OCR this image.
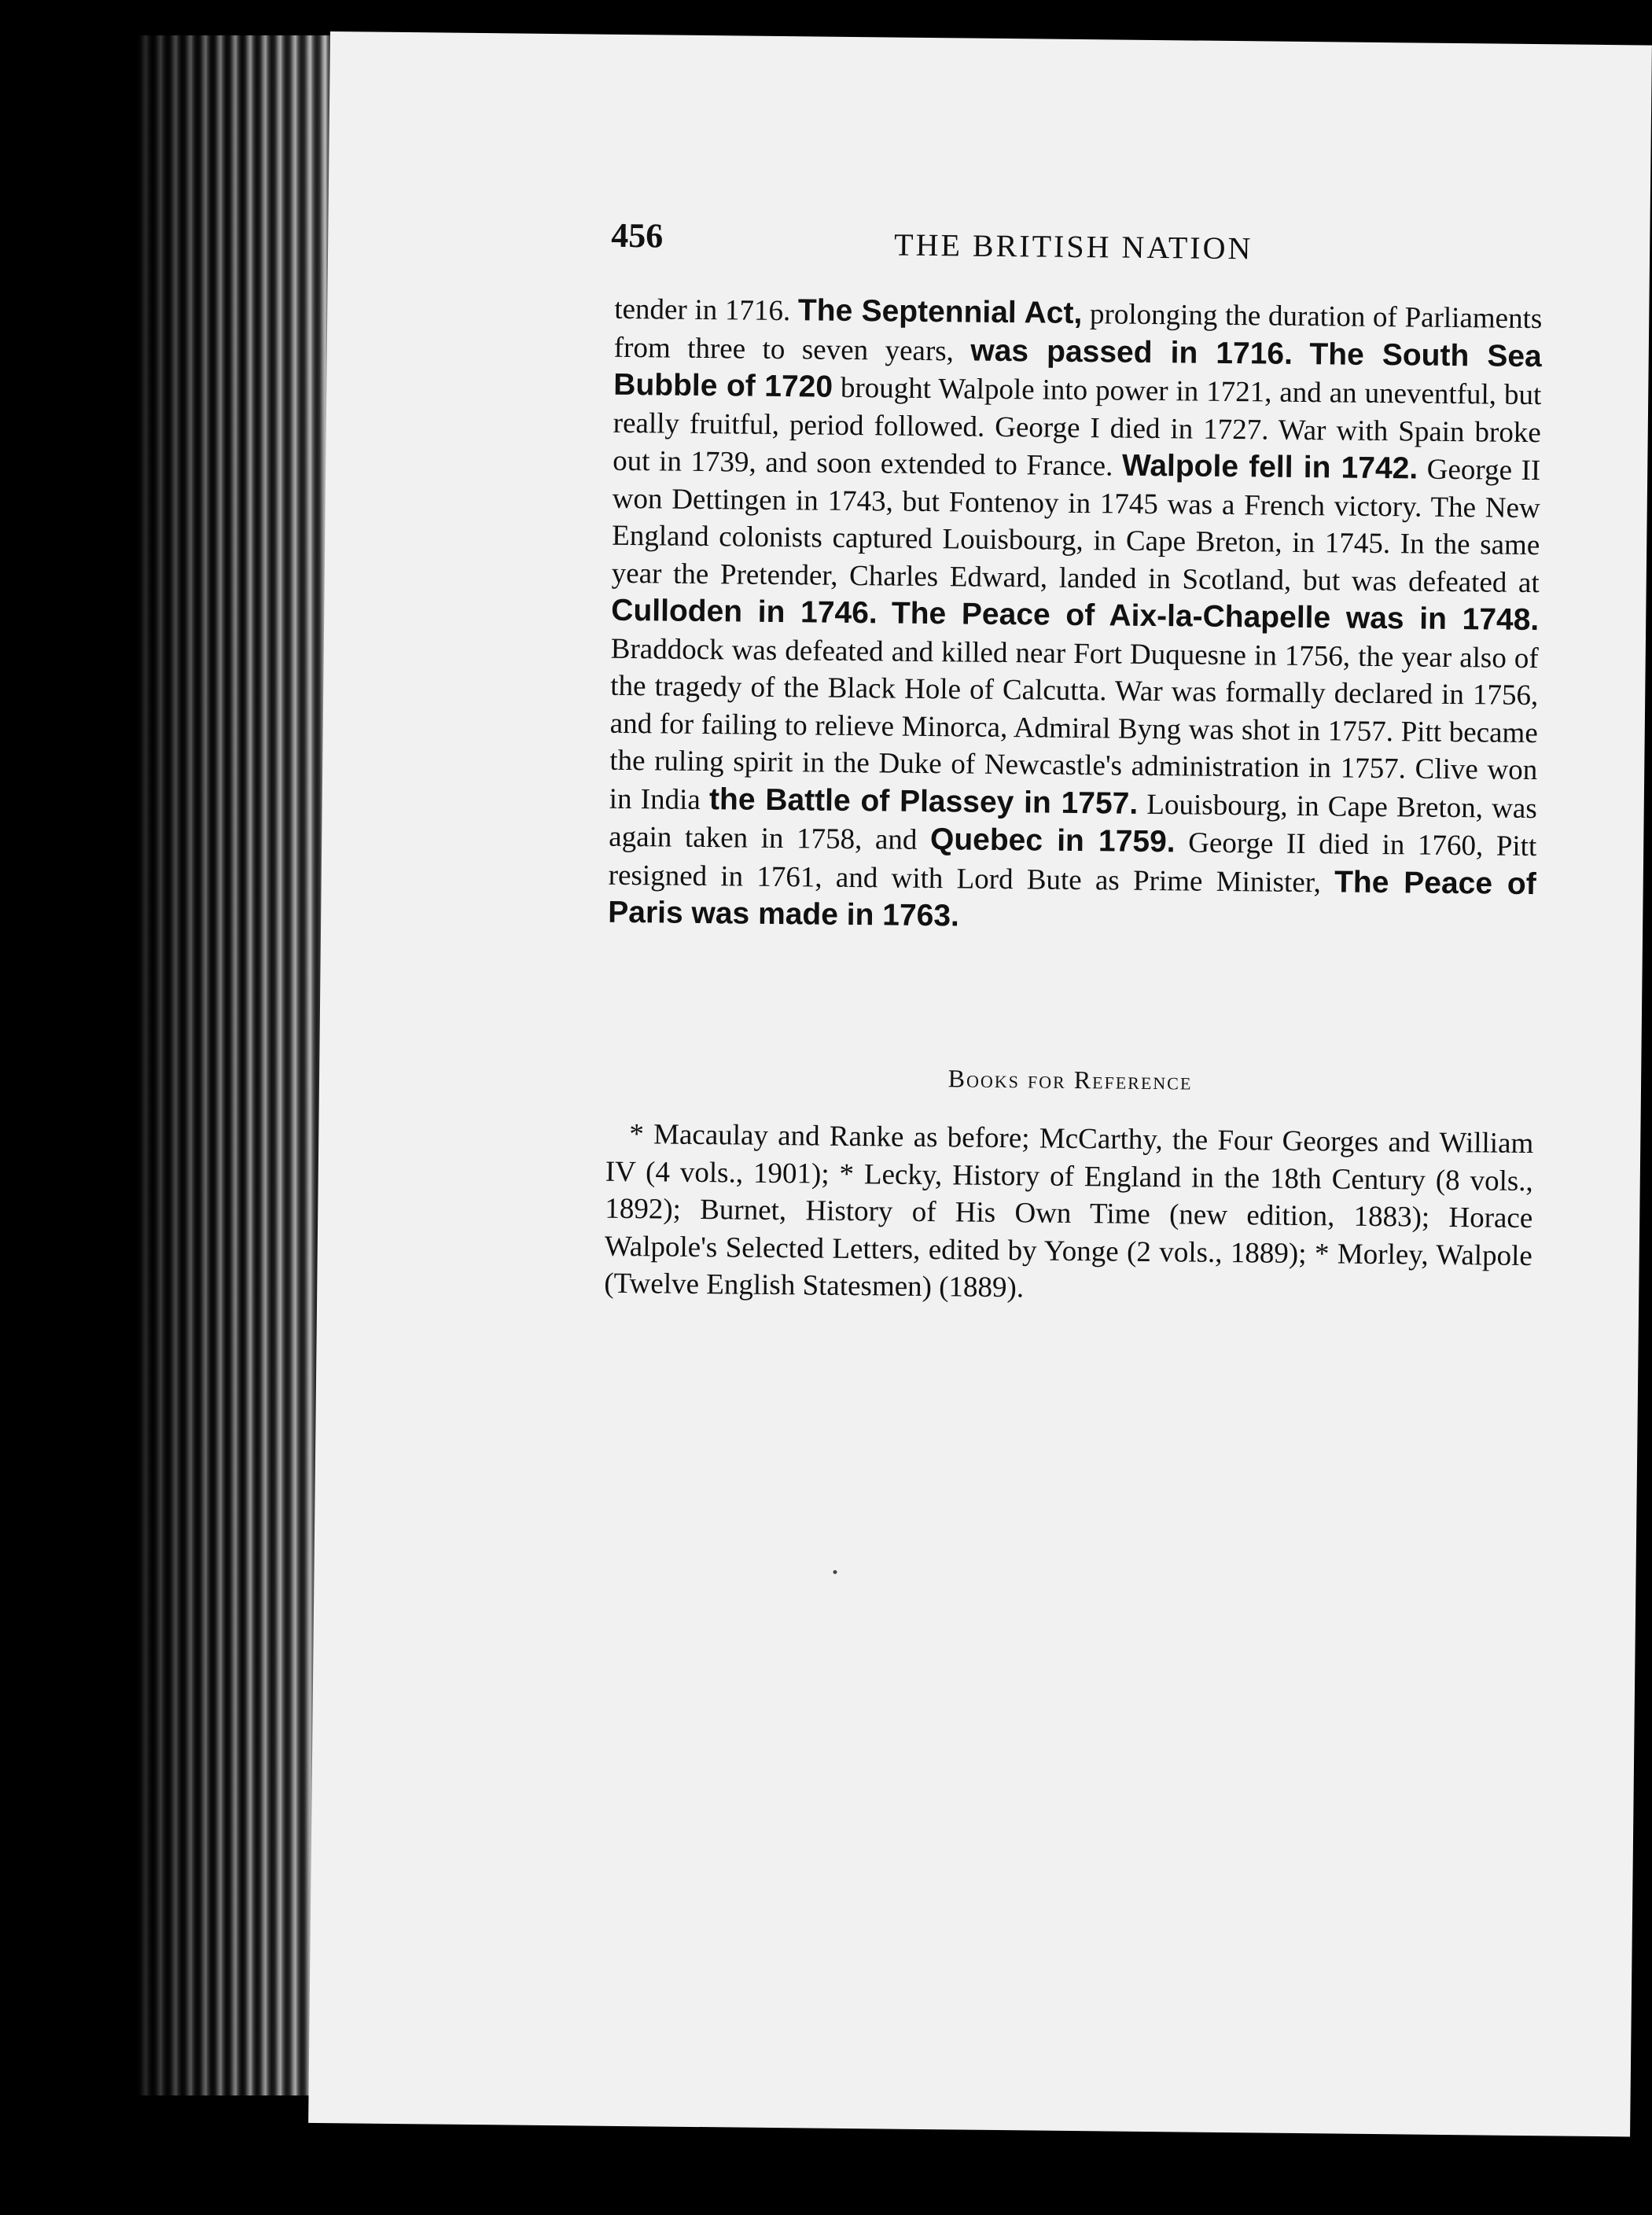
456	THE BRITISH NATION
tender in 1716. The Septennial Act, prolonging the duration of Parliaments from three to seven years, was passed in 1716. The South Sea Bubble of 1720 brought Walpole into power in 1721, and an uneventful, but really fruitful, period followed. George I died in 1727. War with Spain broke out in 1739, and soon extended to France. Walpole fell in 1742. George II won Dettingen in 1743, but Fontenoy in 1745 was a French victory. The New England colonists captured Louisbourg, in Cape Breton, in 1745. In the same year the Pretender, Charles Edward, landed in Scotland, but was defeated at Culloden in 1746. The Peace of Aix-la-Chapelle was in 1748. Braddock was defeated and killed near Fort Duquesne in 1756, the year also of the tragedy of the Black Hole of Calcutta. War was formally declared in 1756, and for failing to relieve Minorca, Admiral Byng was shot in 1757. Pitt became the ruling spirit in the Duke of Newcastle's administration in 1757. Clive won in India the Battle of Plassey in 1757. Louisbourg, in Cape Breton, was again taken in 1758, and Quebec in 1759. George II died in 1760, Pitt resigned in 1761, and with Lord Bute as Prime Minister, The Peace of Paris was made in 1763.
Books for Reference
* Macaulay and Ranke as before; McCarthy, the Four Georges and William IV (4 vols., 1901); * Lecky, History of England in the 18th Century (8 vols., 1892); Burnet, History of His Own Time (new edition, 1883); Horace Walpole's Selected Letters, edited by Yonge (2 vols., 1889); * Morley, Walpole (Twelve English Statesmen) (1889).
